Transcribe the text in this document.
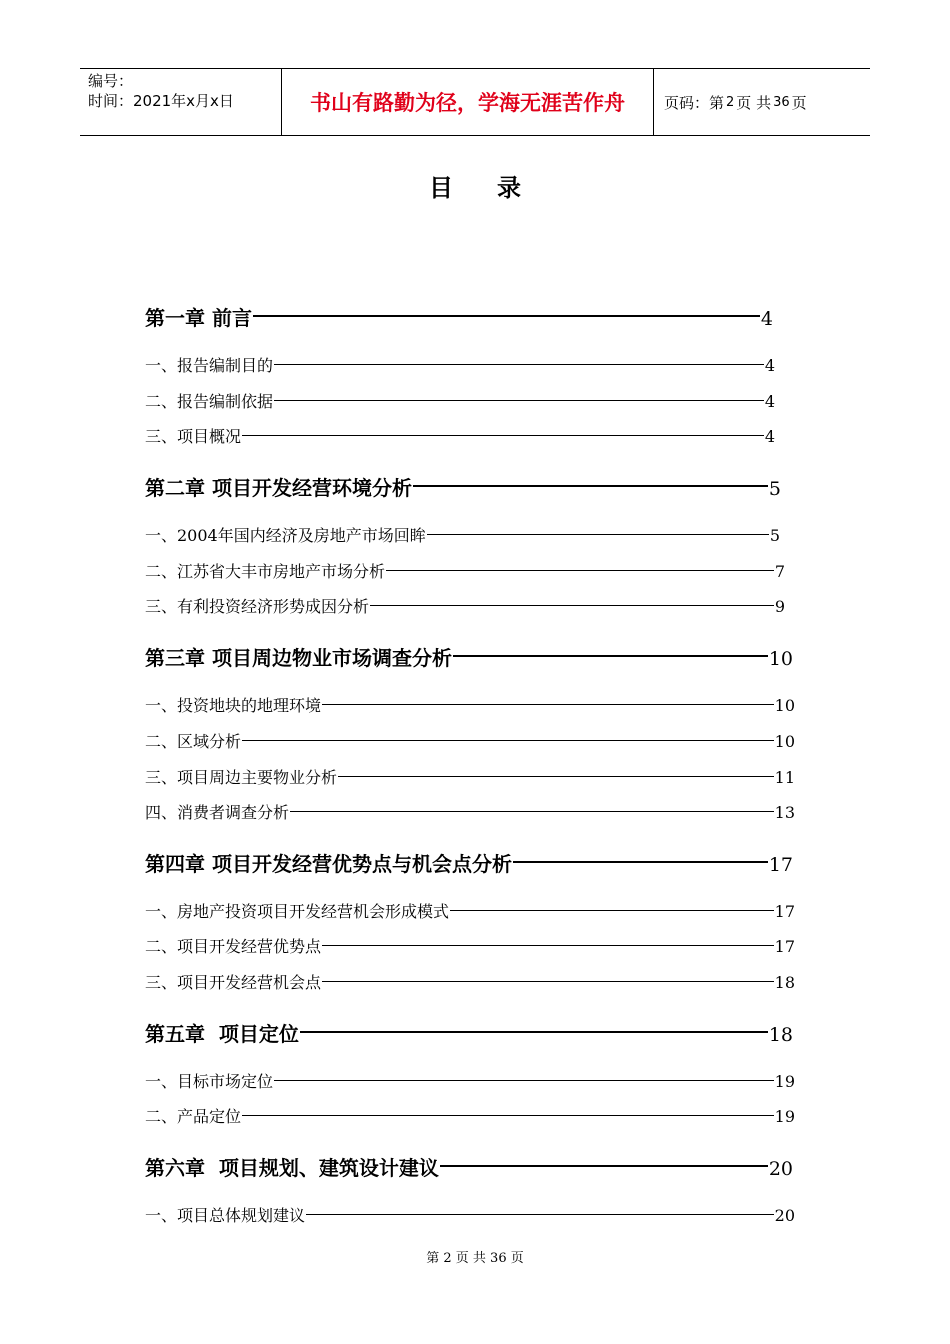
编号：
时间：2021年x月x日	书山有路勤为径，学海无涯苦作舟	页码：第 2 页 共 36 页
目录
第一章 前言	4
一、报告编制目的	4
二、报告编制依据	4
三、项目概况	4
第二章 项目开发经营环境分析	5
一、2004年国内经济及房地产市场回眸	5
二、江苏省大丰市房地产市场分析	7
三、有利投资经济形势成因分析	9
第三章 项目周边物业市场调查分析	10
一、投资地块的地理环境	10
二、区域分析	10
三、项目周边主要物业分析	11
四、消费者调查分析	13
第四章 项目开发经营优势点与机会点分析	17
一、房地产投资项目开发经营机会形成模式	17
二、项目开发经营优势点	17
三、项目开发经营机会点	18
第五章  项目定位	18
一、目标市场定位	19
二、产品定位	19
第六章  项目规划、建筑设计建议	20
一、项目总体规划建议	20
第 2 页 共 36 页
